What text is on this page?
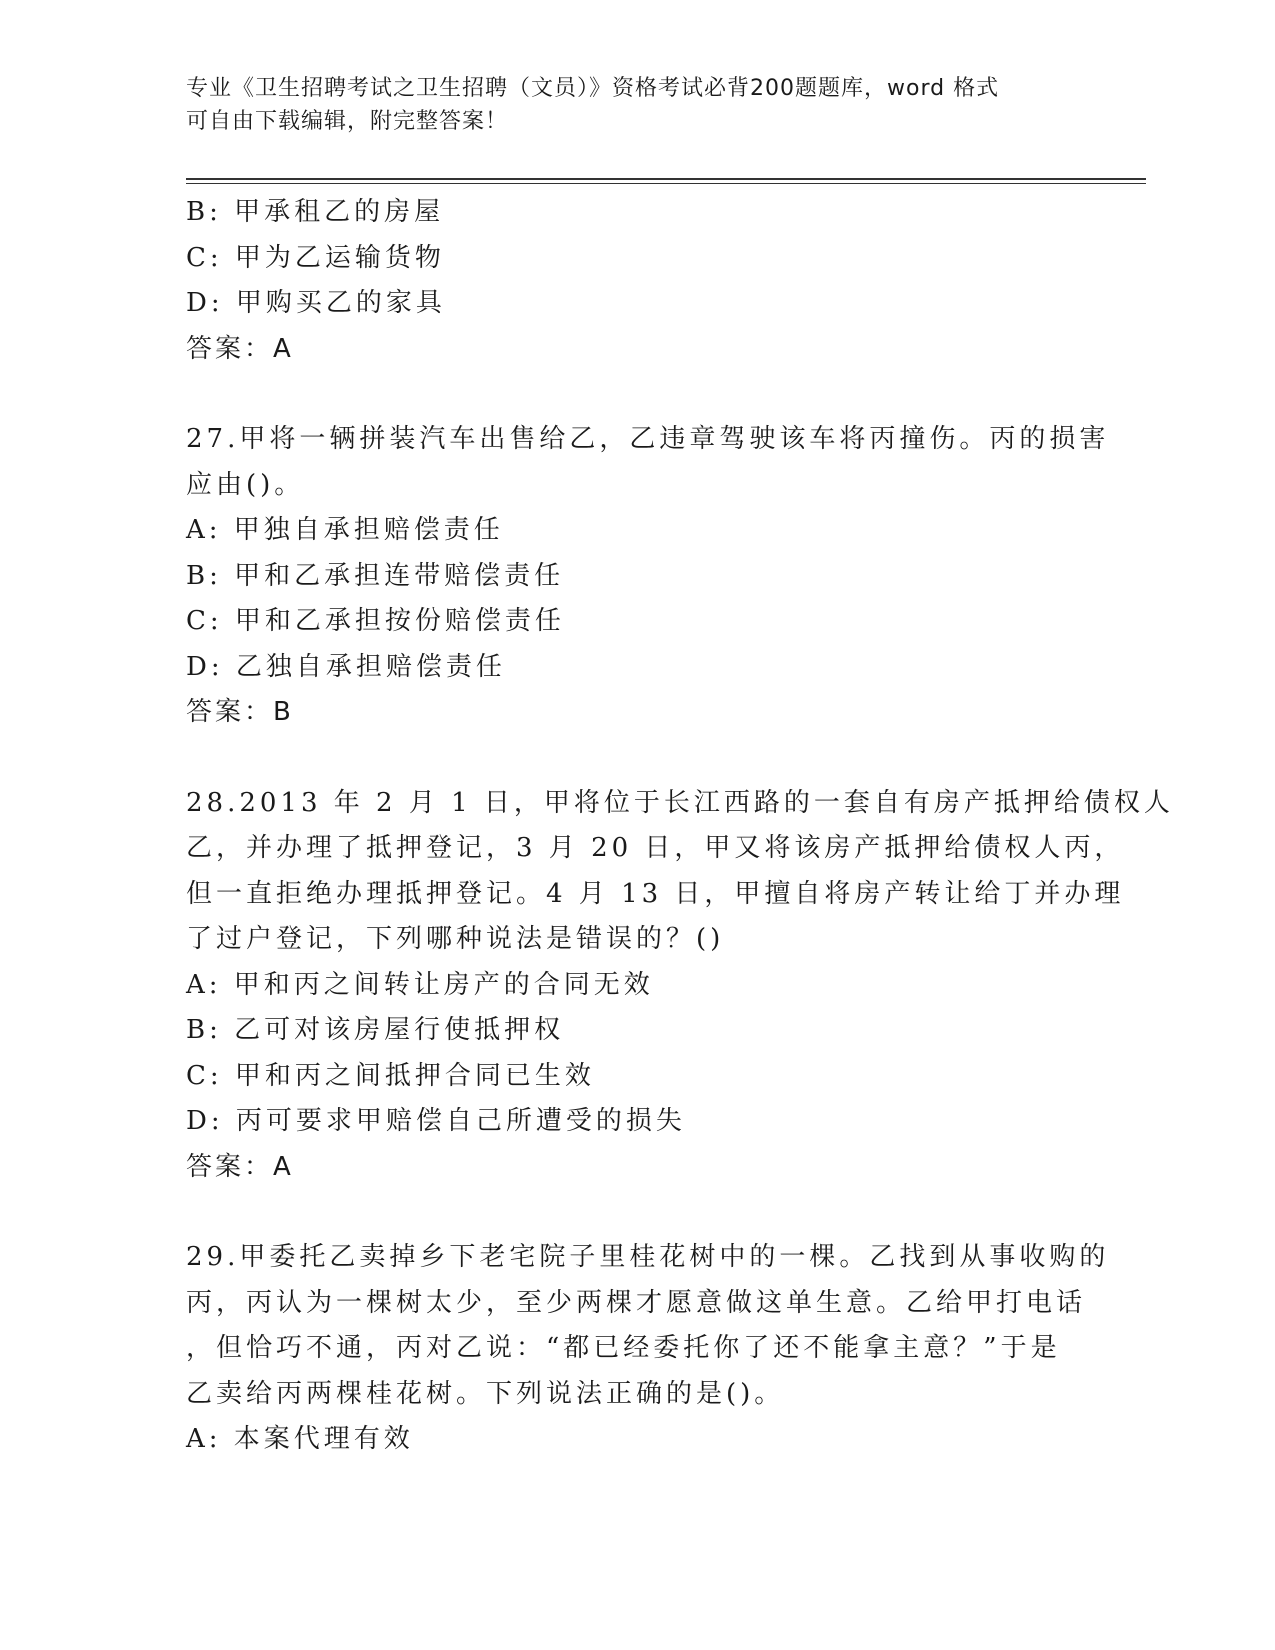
专业《卫生招聘考试之卫生招聘（文员）》资格考试必背200题题库，word 格式
可自由下载编辑，附完整答案！
B: 甲承租乙的房屋
C: 甲为乙运输货物
D: 甲购买乙的家具
答案：A
27.甲将一辆拼装汽车出售给乙，乙违章驾驶该车将丙撞伤。丙的损害
应由()。
A: 甲独自承担赔偿责任
B: 甲和乙承担连带赔偿责任
C: 甲和乙承担按份赔偿责任
D: 乙独自承担赔偿责任
答案：B
28.2013 年 2 月 1 日，甲将位于长江西路的一套自有房产抵押给债权人
乙，并办理了抵押登记，3 月 20 日，甲又将该房产抵押给债权人丙，
但一直拒绝办理抵押登记。4 月 13 日，甲擅自将房产转让给丁并办理
了过户登记，下列哪种说法是错误的？()
A: 甲和丙之间转让房产的合同无效
B: 乙可对该房屋行使抵押权
C: 甲和丙之间抵押合同已生效
D: 丙可要求甲赔偿自己所遭受的损失
答案：A
29.甲委托乙卖掉乡下老宅院子里桂花树中的一棵。乙找到从事收购的
丙，丙认为一棵树太少，至少两棵才愿意做这单生意。乙给甲打电话
，但恰巧不通，丙对乙说：“都已经委托你了还不能拿主意？”于是
乙卖给丙两棵桂花树。下列说法正确的是()。
A: 本案代理有效
